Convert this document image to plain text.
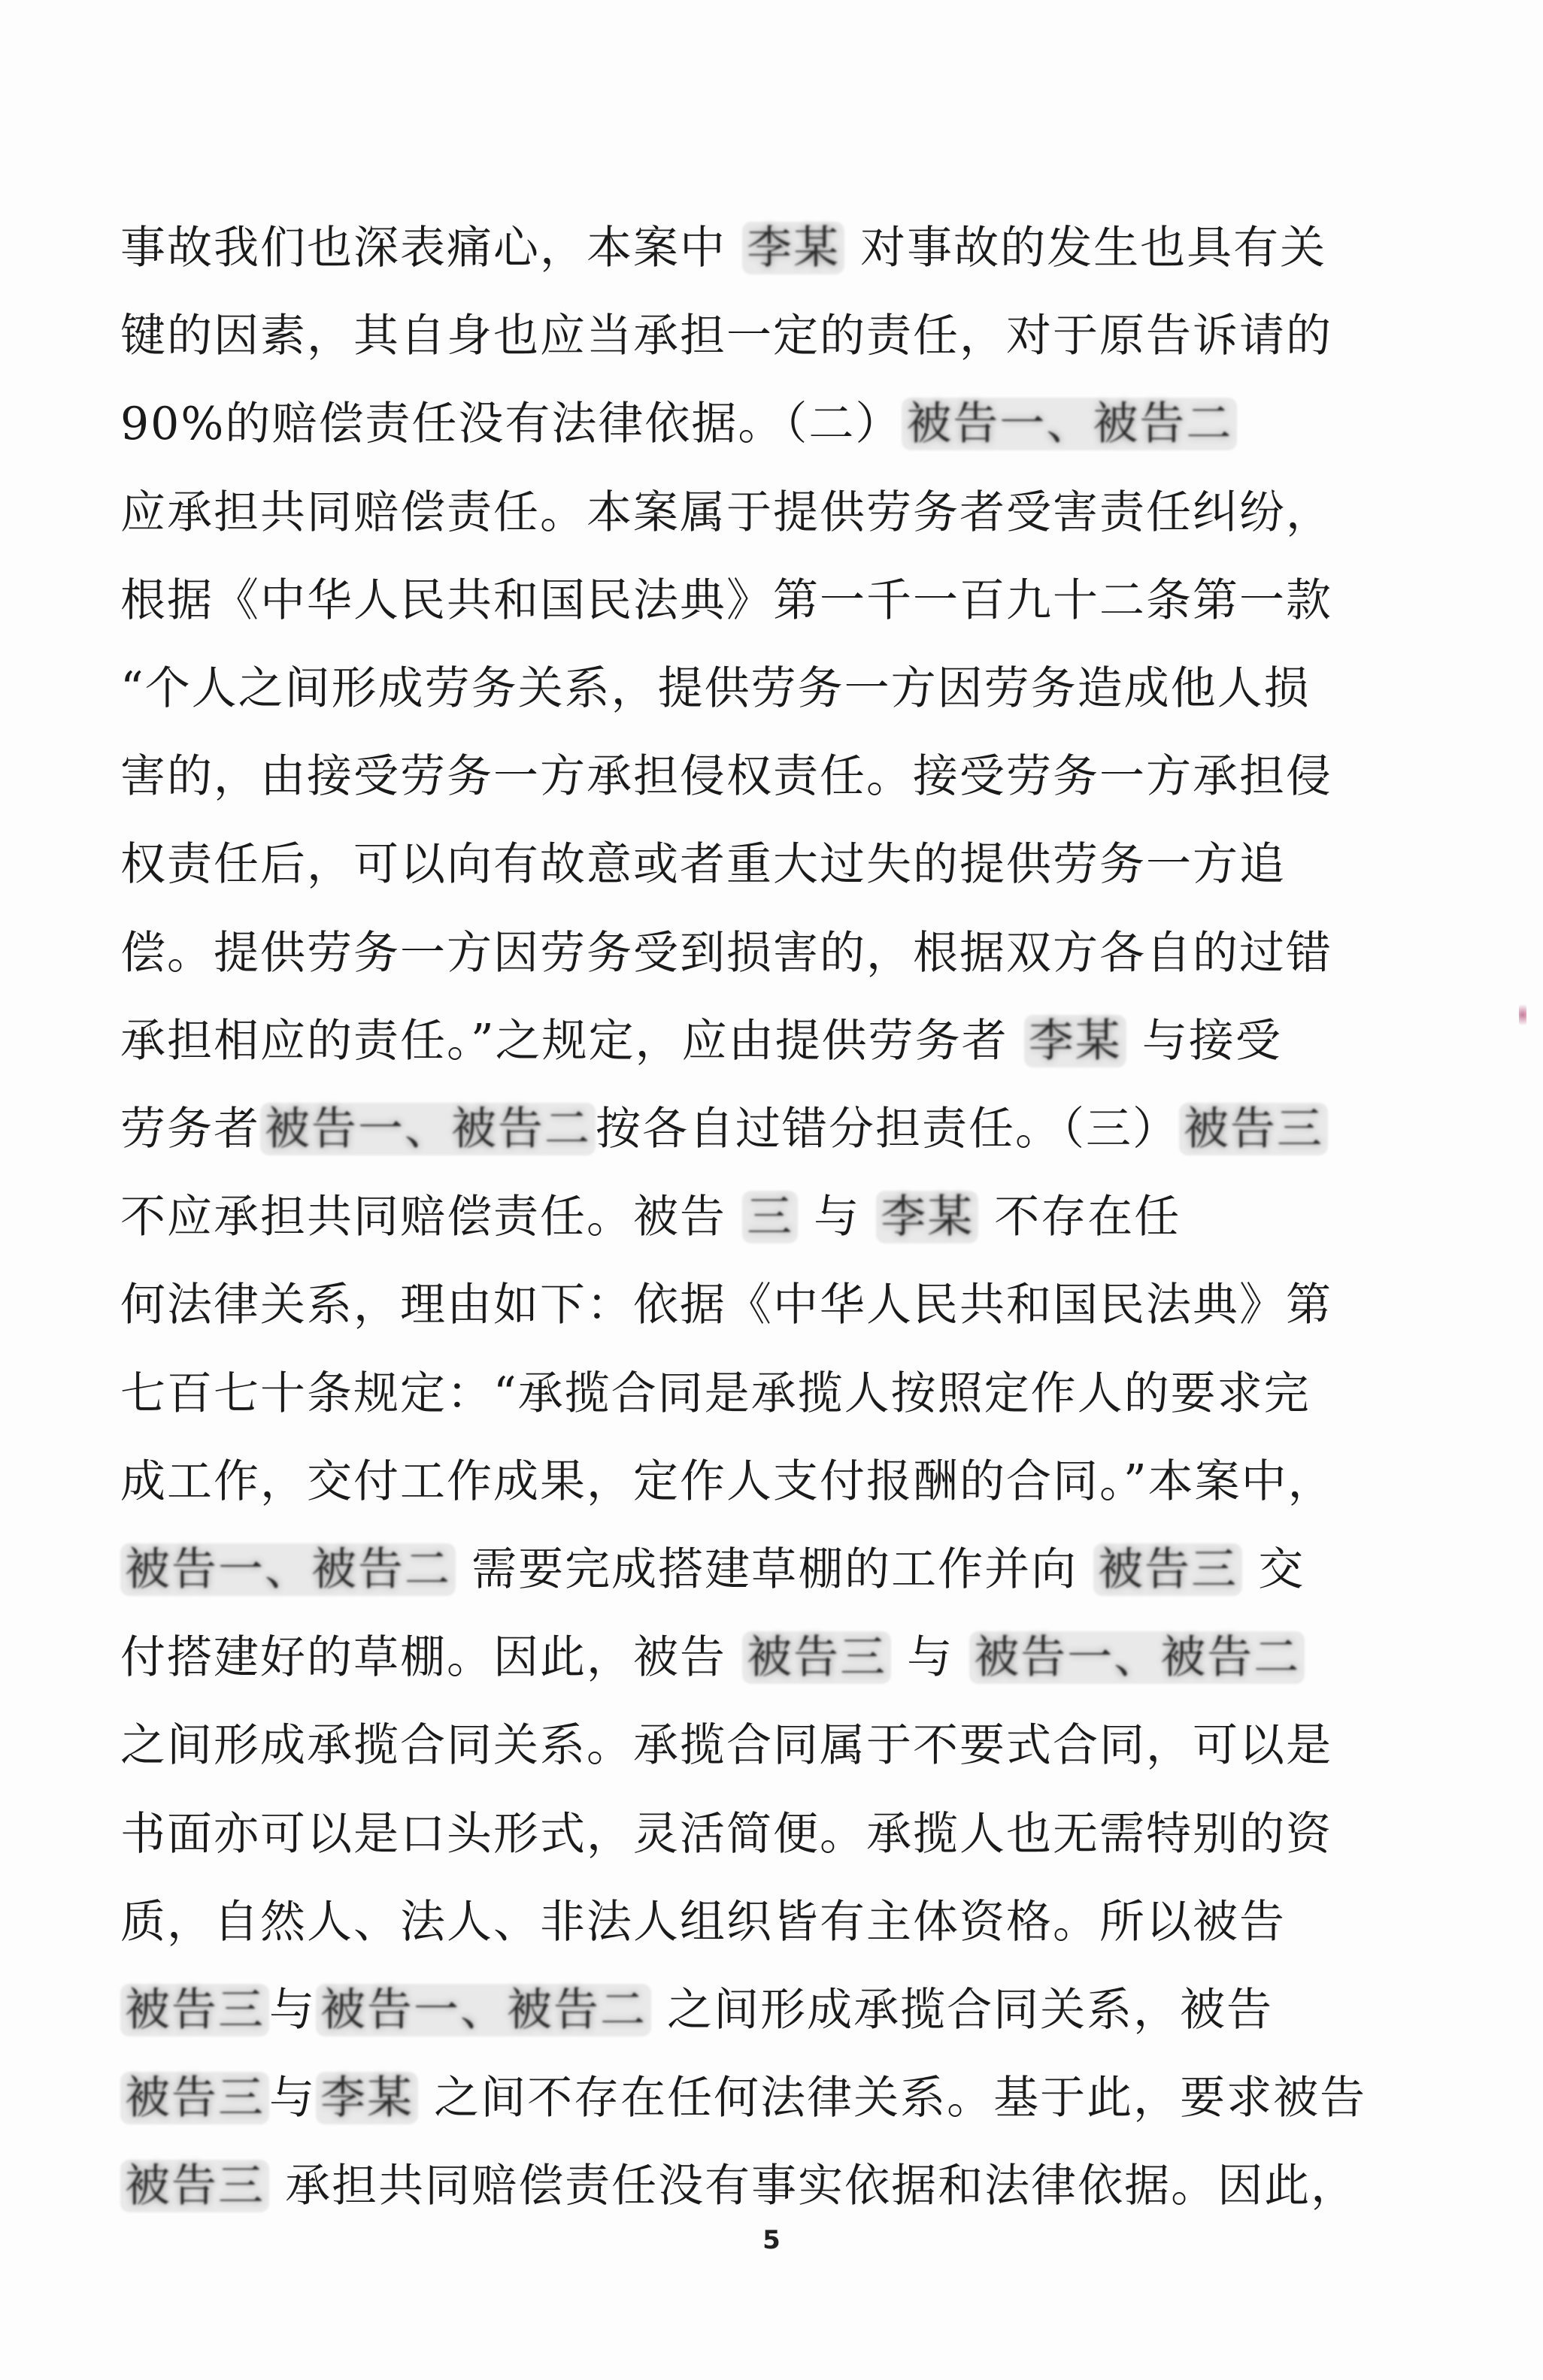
事故我们也深表痛心，本案中 李某 对事故的发生也具有关
键的因素，其自身也应当承担一定的责任，对于原告诉请的
90%的赔偿责任没有法律依据。（二） 被告一、被告二
应承担共同赔偿责任。本案属于提供劳务者受害责任纠纷，
根据《中华人民共和国民法典》第一千一百九十二条第一款
“个人之间形成劳务关系，提供劳务一方因劳务造成他人损
害的，由接受劳务一方承担侵权责任。接受劳务一方承担侵
权责任后，可以向有故意或者重大过失的提供劳务一方追
偿。提供劳务一方因劳务受到损害的，根据双方各自的过错
承担相应的责任。”之规定，应由提供劳务者 李某 与接受
劳务者 被告一、被告二 按各自过错分担责任。（三） 被告三
不应承担共同赔偿责任。被告 三 与 李某 不存在任
何法律关系，理由如下：依据《中华人民共和国民法典》第
七百七十条规定：“承揽合同是承揽人按照定作人的要求完
成工作，交付工作成果，定作人支付报酬的合同。”本案中，
被告一、被告二 需要完成搭建草棚的工作并向 被告三 交
付搭建好的草棚。因此，被告 被告三 与 被告一、被告二
之间形成承揽合同关系。承揽合同属于不要式合同，可以是
书面亦可以是口头形式，灵活简便。承揽人也无需特别的资
质，自然人、法人、非法人组织皆有主体资格。所以被告
被告三 与 被告一、被告二 之间形成承揽合同关系，被告
被告三 与 李某 之间不存在任何法律关系。基于此，要求被告
被告三 承担共同赔偿责任没有事实依据和法律依据。因此，
5
